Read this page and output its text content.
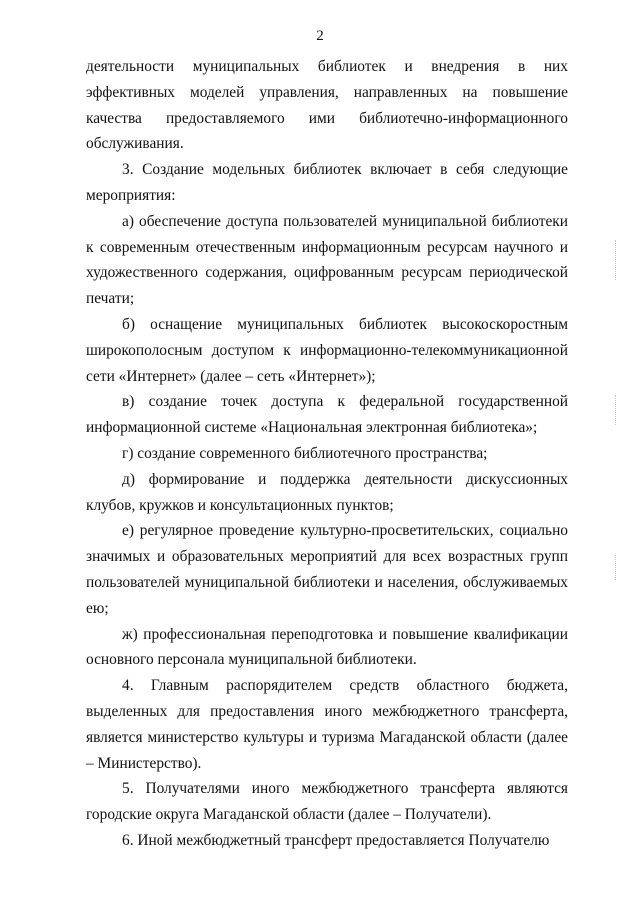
2

деятельности муниципальных библиотек и внедрения в них эффективных моделей управления, направленных на повышение качества предоставляемого ими библиотечно-информационного обслуживания.

3. Создание модельных библиотек включает в себя следующие мероприятия:

а) обеспечение доступа пользователей муниципальной библиотеки к современным отечественным информационным ресурсам научного и художественного содержания, оцифрованным ресурсам периодической печати;

б) оснащение муниципальных библиотек высокоскоростным широкополосным доступом к информационно-телекоммуникационной сети «Интернет» (далее – сеть «Интернет»);

в) создание точек доступа к федеральной государственной информационной системе «Национальная электронная библиотека»;

г) создание современного библиотечного пространства;

д) формирование и поддержка деятельности дискуссионных клубов, кружков и консультационных пунктов;

е) регулярное проведение культурно-просветительских, социально значимых и образовательных мероприятий для всех возрастных групп пользователей муниципальной библиотеки и населения, обслуживаемых ею;

ж) профессиональная переподготовка и повышение квалификации основного персонала муниципальной библиотеки.

4. Главным распорядителем средств областного бюджета, выделенных для предоставления иного межбюджетного трансферта, является министерство культуры и туризма Магаданской области (далее – Министерство).

5. Получателями иного межбюджетного трансферта являются городские округа Магаданской области (далее – Получатели).

6. Иной межбюджетный трансферт предоставляется Получателю
